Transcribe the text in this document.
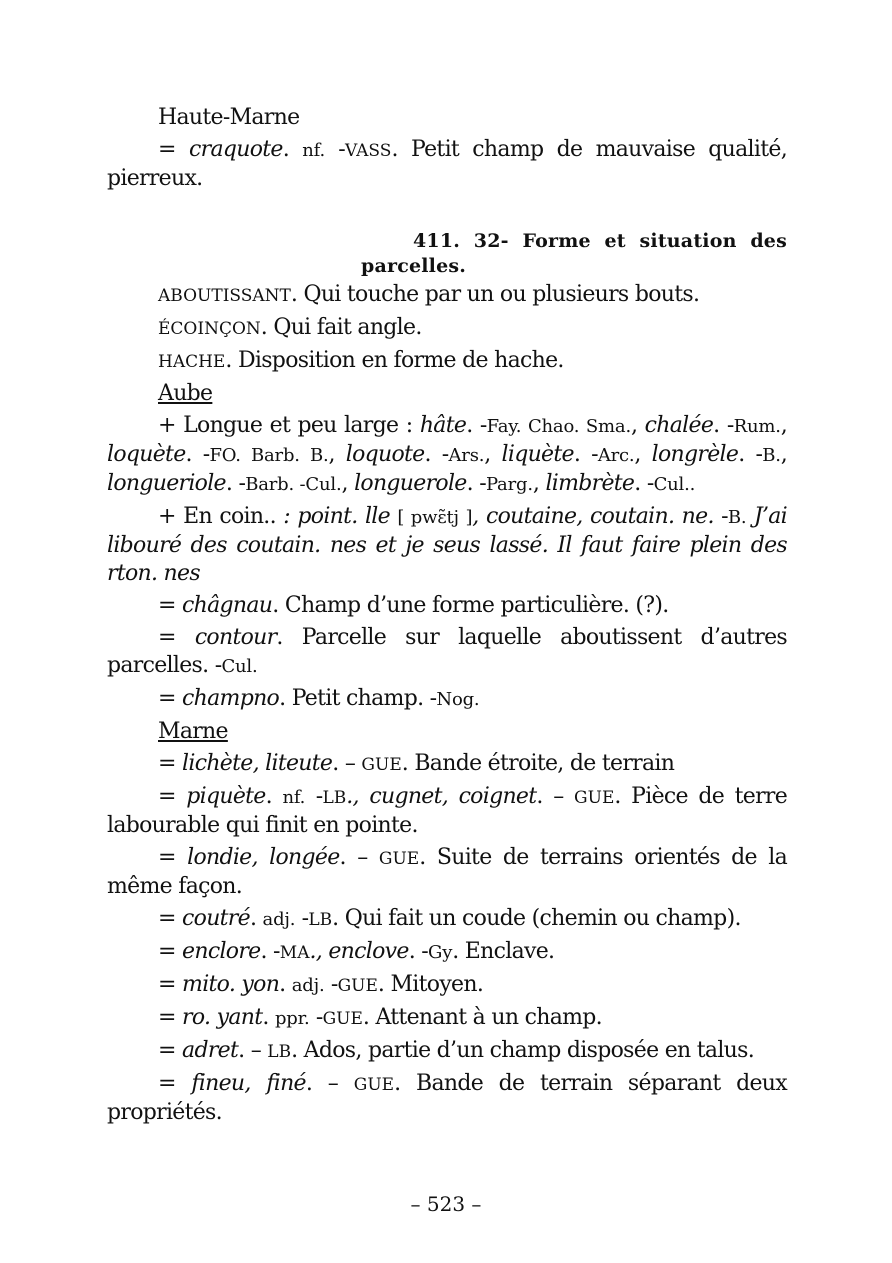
Haute-Marne

= craquote. nf. -VASS. Petit champ de mauvaise qualité, pierreux.

411. 32- Forme et situation des
parcelles.

ABOUTISSANT. Qui touche par un ou plusieurs bouts.

ÉCOINÇON. Qui fait angle.

HACHE. Disposition en forme de hache.

Aube

+ Longue et peu large : hâte. -Fay. Chao. Sma., chalée. -Rum., loquète. -FO. Barb. B., loquote. -Ars., liquète. -Arc., longrèle. -B., longueriole. -Barb. -Cul., longuerole. -Parg., limbrète. -Cul..

+ En coin.. : point. lle [ pwɛ̃tj ], coutaine, coutain. ne. -B. J’ai libouré des coutain. nes et je seus lassé. Il faut faire plein des rton. nes

= châgnau. Champ d’une forme particulière. (?).

= contour. Parcelle sur laquelle aboutissent d’autres parcelles. -Cul.

= champno. Petit champ. -Nog.

Marne

= lichète, liteute. – GUE. Bande étroite, de terrain

= piquète. nf. -LB., cugnet, coignet. – GUE. Pièce de terre labourable qui finit en pointe.

= londie, longée. – GUE. Suite de terrains orientés de la même façon.

= coutré. adj. -LB. Qui fait un coude (chemin ou champ).

= enclore. -MA., enclove. -Gy. Enclave.

= mito. yon. adj. -GUE. Mitoyen.

= ro. yant. ppr. -GUE. Attenant à un champ.

= adret. – LB. Ados, partie d’un champ disposée en talus.

= fineu, finé. – GUE. Bande de terrain séparant deux propriétés.

– 523 –
